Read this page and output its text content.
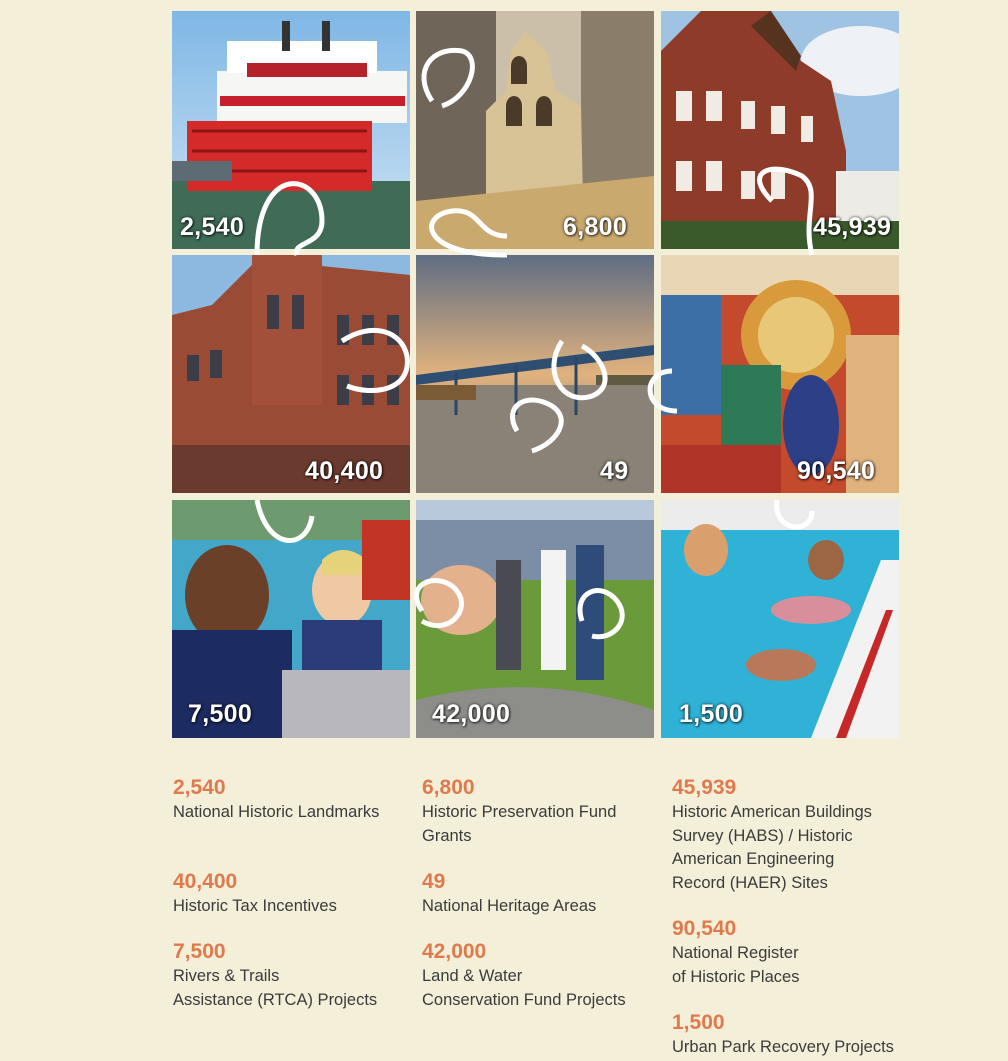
2,540	6,800	45,939
40,400	49	90,540
7,500	42,000	1,500
2,540
National Historic Landmarks
6,800
Historic Preservation Fund
Grants
45,939
Historic American Buildings
Survey (HABS) / Historic
American Engineering
Record (HAER) Sites
40,400
Historic Tax Incentives
49
National Heritage Areas
90,540
National Register
of Historic Places
7,500
Rivers & Trails
Assistance (RTCA) Projects
42,000
Land & Water
Conservation Fund Projects
1,500
Urban Park Recovery Projects
